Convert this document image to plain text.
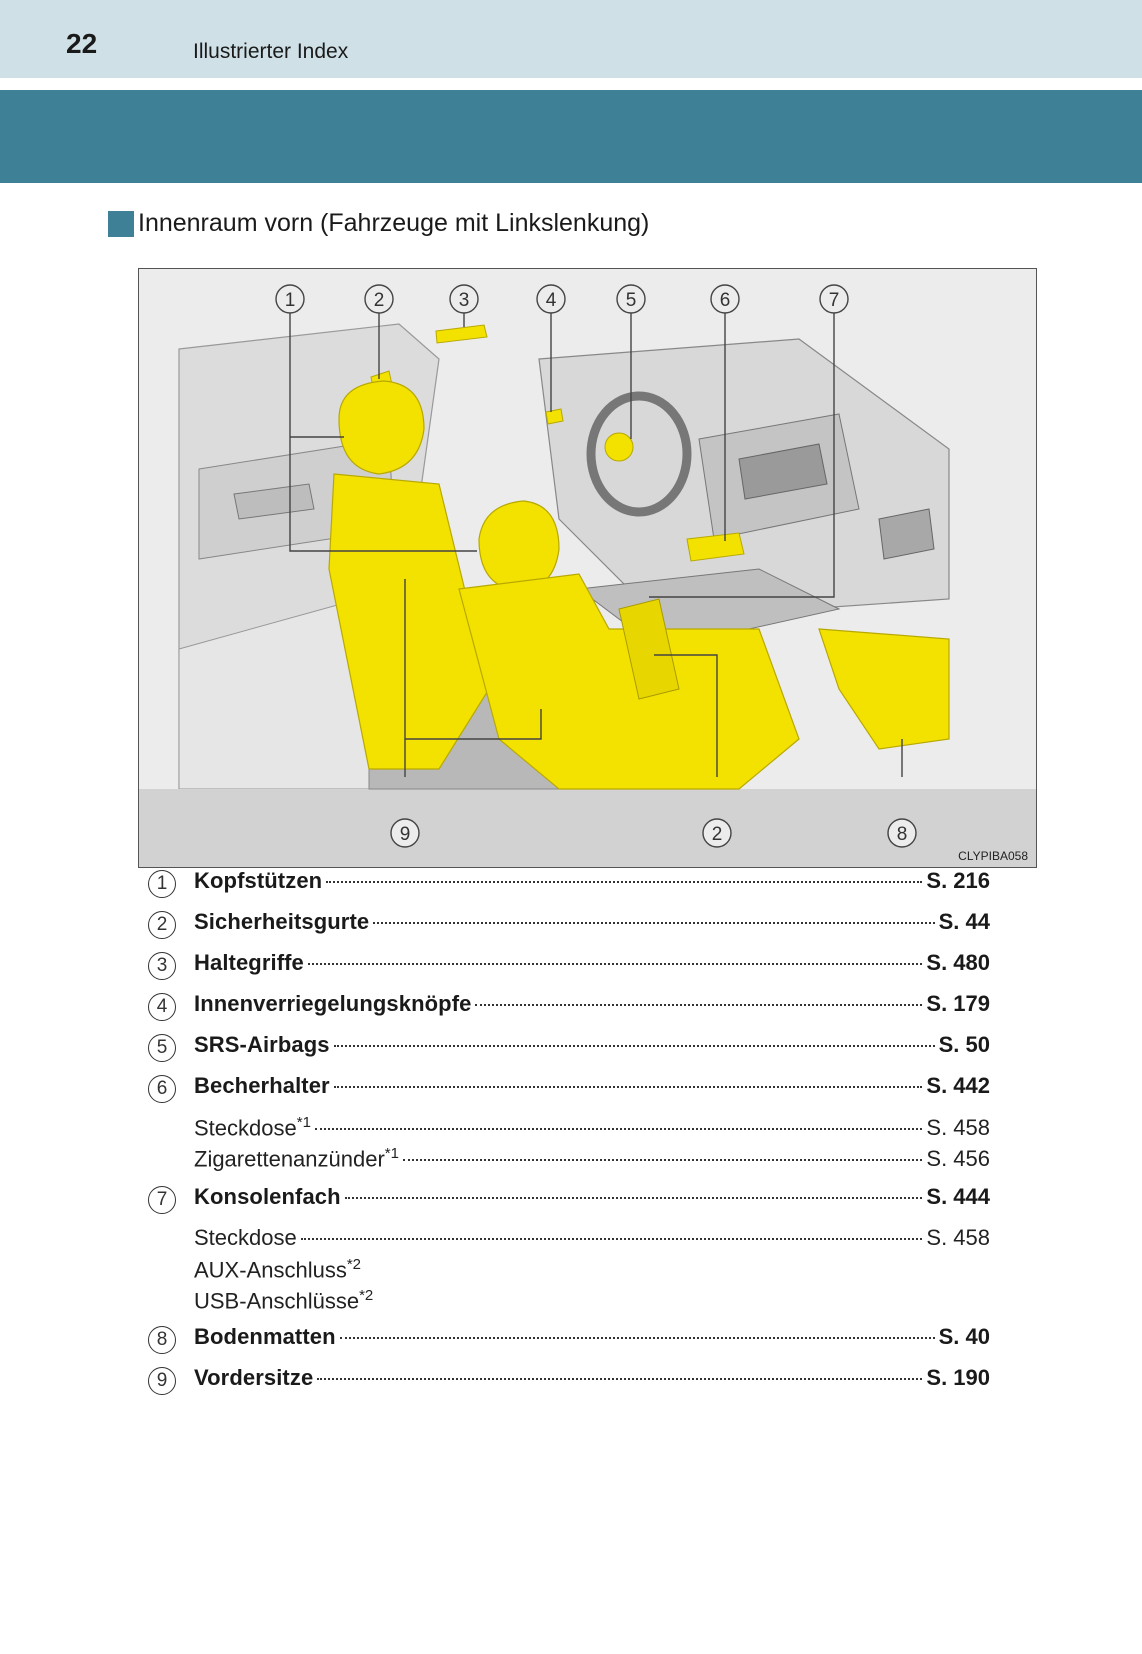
22	Illustrierter Index
Innenraum vorn (Fahrzeuge mit Linkslenkung)
1	2	3	4	5	6	7
9	2	8
CLYPIBA058
1	Kopfstützen	S. 216
2	Sicherheitsgurte	S. 44
3	Haltegriffe	S. 480
4	Innenverriegelungsknöpfe	S. 179
5	SRS-Airbags	S. 50
6	Becherhalter	S. 442
Steckdose$^{*1}$	S. 458
Zigarettenanzünder$^{*1}$	S. 456
7	Konsolenfach	S. 444
Steckdose	S. 458
AUX-Anschluss$^{*2}$
USB-Anschlüsse$^{*2}$
8	Bodenmatten	S. 40
9	Vordersitze	S. 190
